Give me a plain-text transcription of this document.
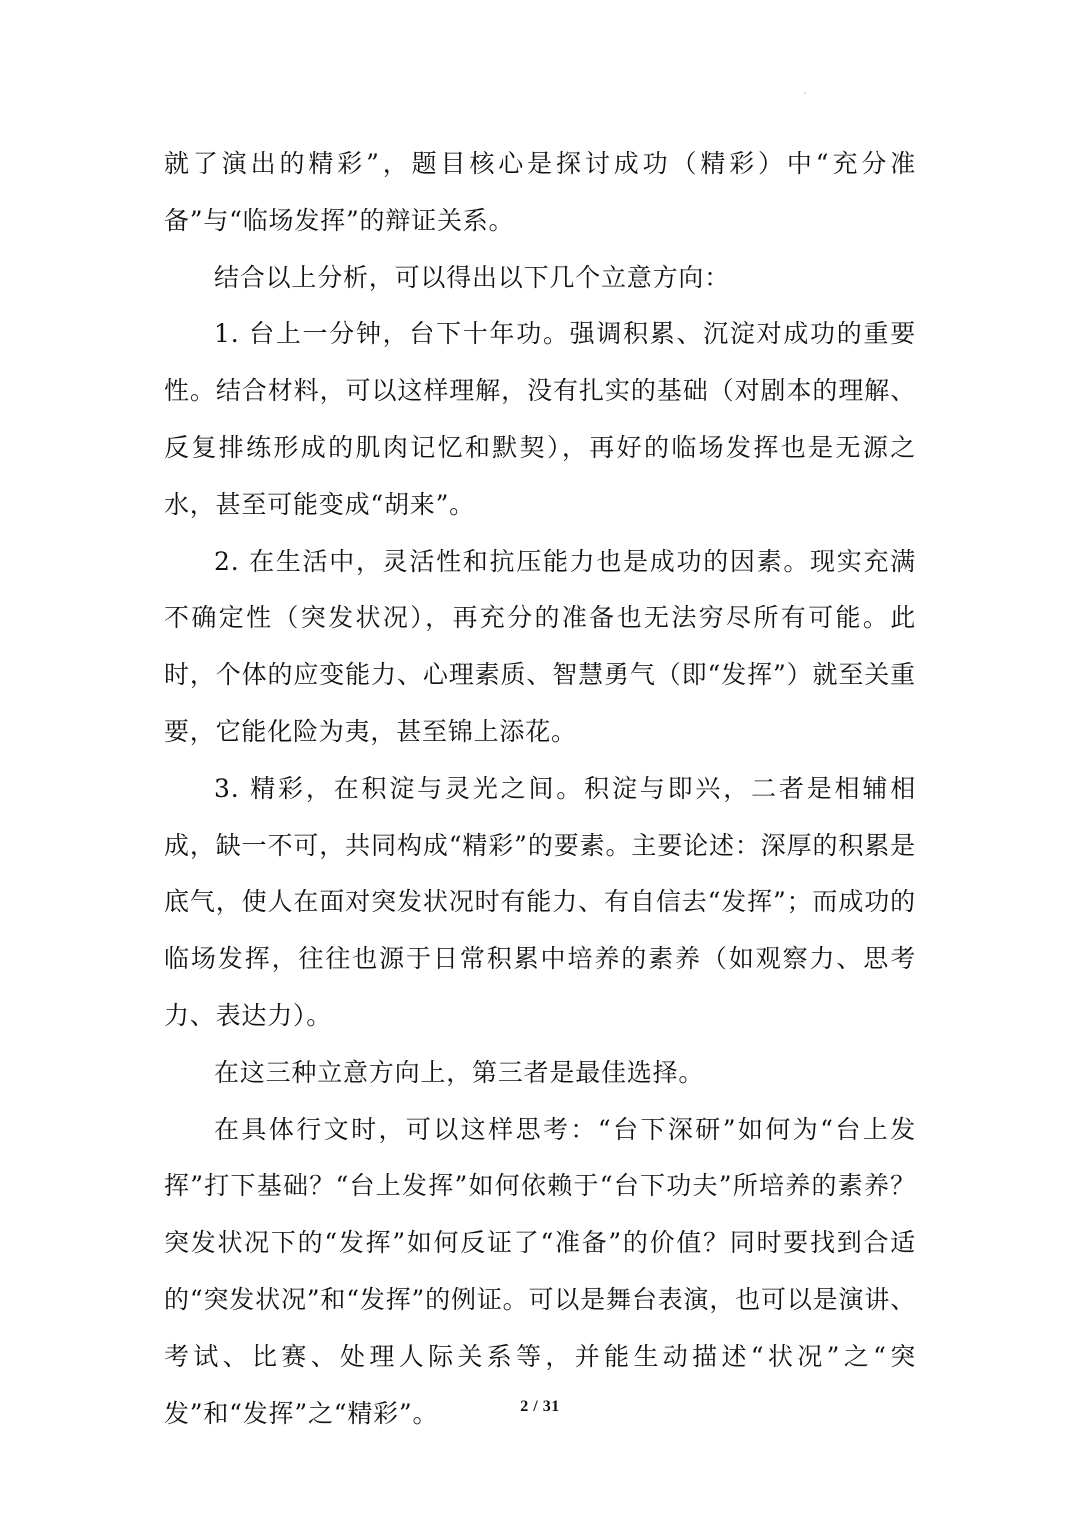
就了演出的精彩”，题目核心是探讨成功（精彩）中“充分准备”与“临场发挥”的辩证关系。

结合以上分析，可以得出以下几个立意方向：

1. 台上一分钟，台下十年功。强调积累、沉淀对成功的重要性。结合材料，可以这样理解，没有扎实的基础（对剧本的理解、反复排练形成的肌肉记忆和默契），再好的临场发挥也是无源之水，甚至可能变成“胡来”。

2. 在生活中，灵活性和抗压能力也是成功的因素。现实充满不确定性（突发状况），再充分的准备也无法穷尽所有可能。此时，个体的应变能力、心理素质、智慧勇气（即“发挥”）就至关重要，它能化险为夷，甚至锦上添花。

3. 精彩，在积淀与灵光之间。积淀与即兴，二者是相辅相成，缺一不可，共同构成“精彩”的要素。主要论述：深厚的积累是底气，使人在面对突发状况时有能力、有自信去“发挥”；而成功的临场发挥，往往也源于日常积累中培养的素养（如观察力、思考力、表达力）。

在这三种立意方向上，第三者是最佳选择。

在具体行文时，可以这样思考：“台下深研”如何为“台上发挥”打下基础？“台上发挥”如何依赖于“台下功夫”所培养的素养？突发状况下的“发挥”如何反证了“准备”的价值？同时要找到合适的“突发状况”和“发挥”的例证。可以是舞台表演，也可以是演讲、考试、比赛、处理人际关系等，并能生动描述“状况”之“突发”和“发挥”之“精彩”。	2 / 31
